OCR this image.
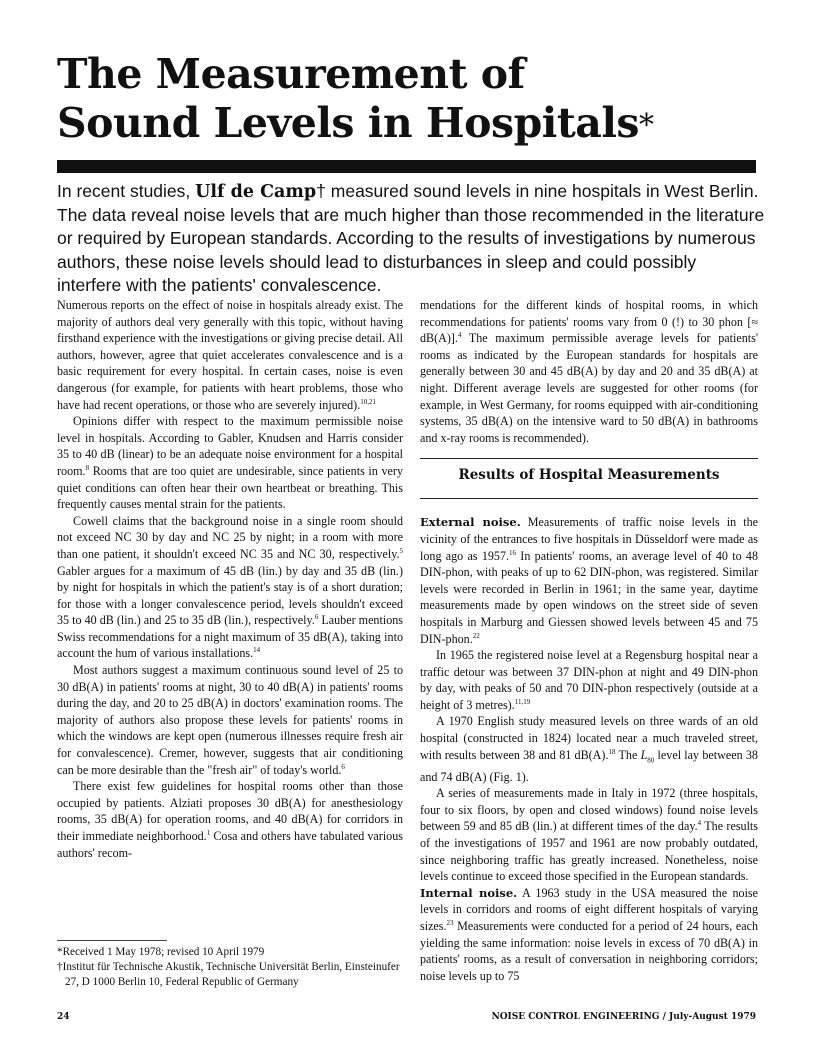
The Measurement of
Sound Levels in Hospitals*

In recent studies, Ulf de Camp† measured sound levels in nine hospitals in West Berlin. The data reveal noise levels that are much higher than those recommended in the literature or required by European standards. According to the results of investigations by numerous authors, these noise levels should lead to disturbances in sleep and could possibly interfere with the patients' convalescence.

Numerous reports on the effect of noise in hospitals already exist. The majority of authors deal very generally with this topic, without having firsthand experience with the investigations or giving precise detail. All authors, however, agree that quiet accelerates convalescence and is a basic requirement for every hospital. In certain cases, noise is even dangerous (for example, for patients with heart problems, those who have had recent operations, or those who are severely injured).$^{10,21}$

Opinions differ with respect to the maximum permissible noise level in hospitals. According to Gabler, Knudsen and Harris consider 35 to 40 dB (linear) to be an adequate noise environment for a hospital room.$^8$ Rooms that are too quiet are undesirable, since patients in very quiet conditions can often hear their own heartbeat or breathing. This frequently causes mental strain for the patients.

Cowell claims that the background noise in a single room should not exceed NC 30 by day and NC 25 by night; in a room with more than one patient, it shouldn't exceed NC 35 and NC 30, respectively.$^5$ Gabler argues for a maximum of 45 dB (lin.) by day and 35 dB (lin.) by night for hospitals in which the patient's stay is of a short duration; for those with a longer convalescence period, levels shouldn't exceed 35 to 40 dB (lin.) and 25 to 35 dB (lin.), respectively.$^6$ Lauber mentions Swiss recommendations for a night maximum of 35 dB(A), taking into account the hum of various installations.$^{14}$

Most authors suggest a maximum continuous sound level of 25 to 30 dB(A) in patients' rooms at night, 30 to 40 dB(A) in patients' rooms during the day, and 20 to 25 dB(A) in doctors' examination rooms. The majority of authors also propose these levels for patients' rooms in which the windows are kept open (numerous illnesses require fresh air for convalescence). Cremer, however, suggests that air conditioning can be more desirable than the "fresh air" of today's world.$^6$

There exist few guidelines for hospital rooms other than those occupied by patients. Alziati proposes 30 dB(A) for anesthesiology rooms, 35 dB(A) for operation rooms, and 40 dB(A) for corridors in their immediate neighborhood.$^1$ Cosa and others have tabulated various authors' recom-

mendations for the different kinds of hospital rooms, in which recommendations for patients' rooms vary from 0 (!) to 30 phon [≈ dB(A)].$^4$ The maximum permissible average levels for patients' rooms as indicated by the European standards for hospitals are generally between 30 and 45 dB(A) by day and 20 and 35 dB(A) at night. Different average levels are suggested for other rooms (for example, in West Germany, for rooms equipped with air-conditioning systems, 35 dB(A) on the intensive ward to 50 dB(A) in bathrooms and x-ray rooms is recommended).

Results of Hospital Measurements

External noise. Measurements of traffic noise levels in the vicinity of the entrances to five hospitals in Düsseldorf were made as long ago as 1957.16 In patients' rooms, an average level of 40 to 48 DIN-phon, with peaks of up to 62 DIN-phon, was registered. Similar levels were recorded in Berlin in 1961; in the same year, daytime measurements made by open windows on the street side of seven hospitals in Marburg and Giessen showed levels between 45 and 75 DIN-phon.$^{22}$

In 1965 the registered noise level at a Regensburg hospital near a traffic detour was between 37 DIN-phon at night and 49 DIN-phon by day, with peaks of 50 and 70 DIN-phon respectively (outside at a height of 3 metres).$^{11,19}$

A 1970 English study measured levels on three wards of an old hospital (constructed in 1824) located near a much traveled street, with results between 38 and 81 dB(A).$^{18}$ The $L_{80}$ level lay between 38 and 74 dB(A) (Fig. 1).

A series of measurements made in Italy in 1972 (three hospitals, four to six floors, by open and closed windows) found noise levels between 59 and 85 dB (lin.) at different times of the day.$^4$ The results of the investigations of 1957 and 1961 are now probably outdated, since neighboring traffic has greatly increased. Nonetheless, noise levels continue to exceed those specified in the European standards.

Internal noise. A 1963 study in the USA measured the noise levels in corridors and rooms of eight different hospitals of varying sizes.$^{23}$ Measurements were conducted for a period of 24 hours, each yielding the same information: noise levels in excess of 70 dB(A) in patients' rooms, as a result of conversation in neighboring corridors; noise levels up to 75

*Received 1 May 1978; revised 10 April 1979

†Institut für Technische Akustik, Technische Universität Berlin, Einsteinufer 27, D 1000 Berlin 10, Federal Republic of Germany

24	NOISE CONTROL ENGINEERING / July-August 1979
